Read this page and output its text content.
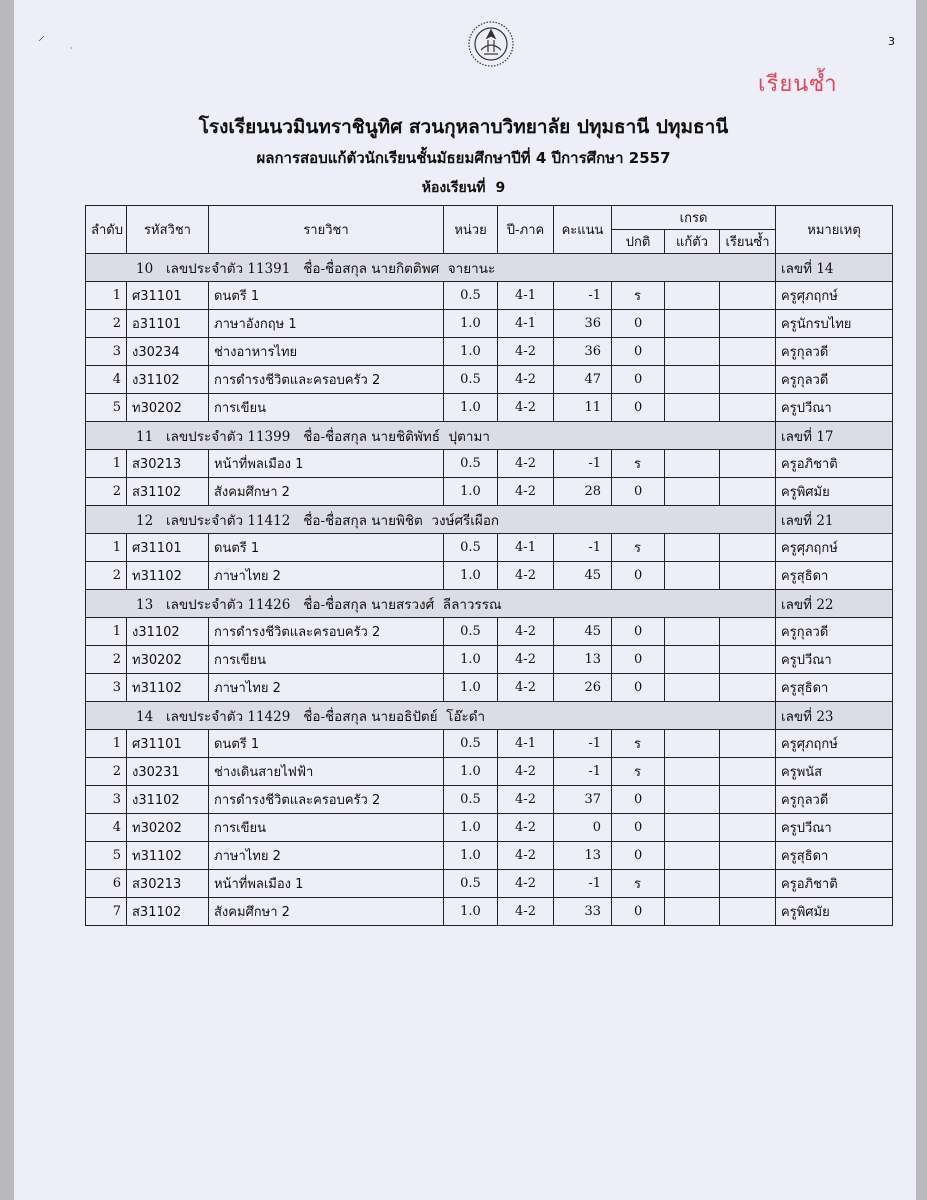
⸝
·
3
เรียนซ้ำ
โรงเรียนนวมินทราชินูทิศ สวนกุหลาบวิทยาลัย ปทุมธานี ปทุมธานี
ผลการสอบแก้ตัวนักเรียนชั้นมัธยมศึกษาปีที่ 4 ปีการศึกษา 2557
ห้องเรียนที่ 9
ลำดับ	รหัสวิชา	รายวิชา	หน่วย	ปี-ภาค	คะแนน	เกรด			หมายเหตุ
						ปกติ	แก้ตัว	เรียนซ้ำ	
10   เลขประจำตัว 11391   ชื่อ-ชื่อสกุล นายกิตติพศ  จายานะ									เลขที่ 14
1	ศ31101	ดนตรี 1	0.5	4-1	-1	ร			ครูศุภฤกษ์
2	อ31101	ภาษาอังกฤษ 1	1.0	4-1	36	0			ครูนักรบไทย
3	ง30234	ช่างอาหารไทย	1.0	4-2	36	0			ครูกุลวดี
4	ง31102	การดำรงชีวิตและครอบครัว 2	0.5	4-2	47	0			ครูกุลวดี
5	ท30202	การเขียน	1.0	4-2	11	0			ครูปวีณา
11   เลขประจำตัว 11399   ชื่อ-ชื่อสกุล นายชิติพัทธ์  ปุตามา									เลขที่ 17
1	ส30213	หน้าที่พลเมือง 1	0.5	4-2	-1	ร			ครูอภิชาติ
2	ส31102	สังคมศึกษา 2	1.0	4-2	28	0			ครูพิศมัย
12   เลขประจำตัว 11412   ชื่อ-ชื่อสกุล นายพิชิต  วงษ์ศรีเผือก									เลขที่ 21
1	ศ31101	ดนตรี 1	0.5	4-1	-1	ร			ครูศุภฤกษ์
2	ท31102	ภาษาไทย 2	1.0	4-2	45	0			ครูสุธิดา
13   เลขประจำตัว 11426   ชื่อ-ชื่อสกุล นายสรวงศ์  ลีลาวรรณ									เลขที่ 22
1	ง31102	การดำรงชีวิตและครอบครัว 2	0.5	4-2	45	0			ครูกุลวดี
2	ท30202	การเขียน	1.0	4-2	13	0			ครูปวีณา
3	ท31102	ภาษาไทย 2	1.0	4-2	26	0			ครูสุธิดา
14   เลขประจำตัว 11429   ชื่อ-ชื่อสกุล นายอธิปัตย์  โอ๊ะดำ									เลขที่ 23
1	ศ31101	ดนตรี 1	0.5	4-1	-1	ร			ครูศุภฤกษ์
2	ง30231	ช่างเดินสายไฟฟ้า	1.0	4-2	-1	ร			ครูพนัส
3	ง31102	การดำรงชีวิตและครอบครัว 2	0.5	4-2	37	0			ครูกุลวดี
4	ท30202	การเขียน	1.0	4-2	0	0			ครูปวีณา
5	ท31102	ภาษาไทย 2	1.0	4-2	13	0			ครูสุธิดา
6	ส30213	หน้าที่พลเมือง 1	0.5	4-2	-1	ร			ครูอภิชาติ
7	ส31102	สังคมศึกษา 2	1.0	4-2	33	0			ครูพิศมัย
